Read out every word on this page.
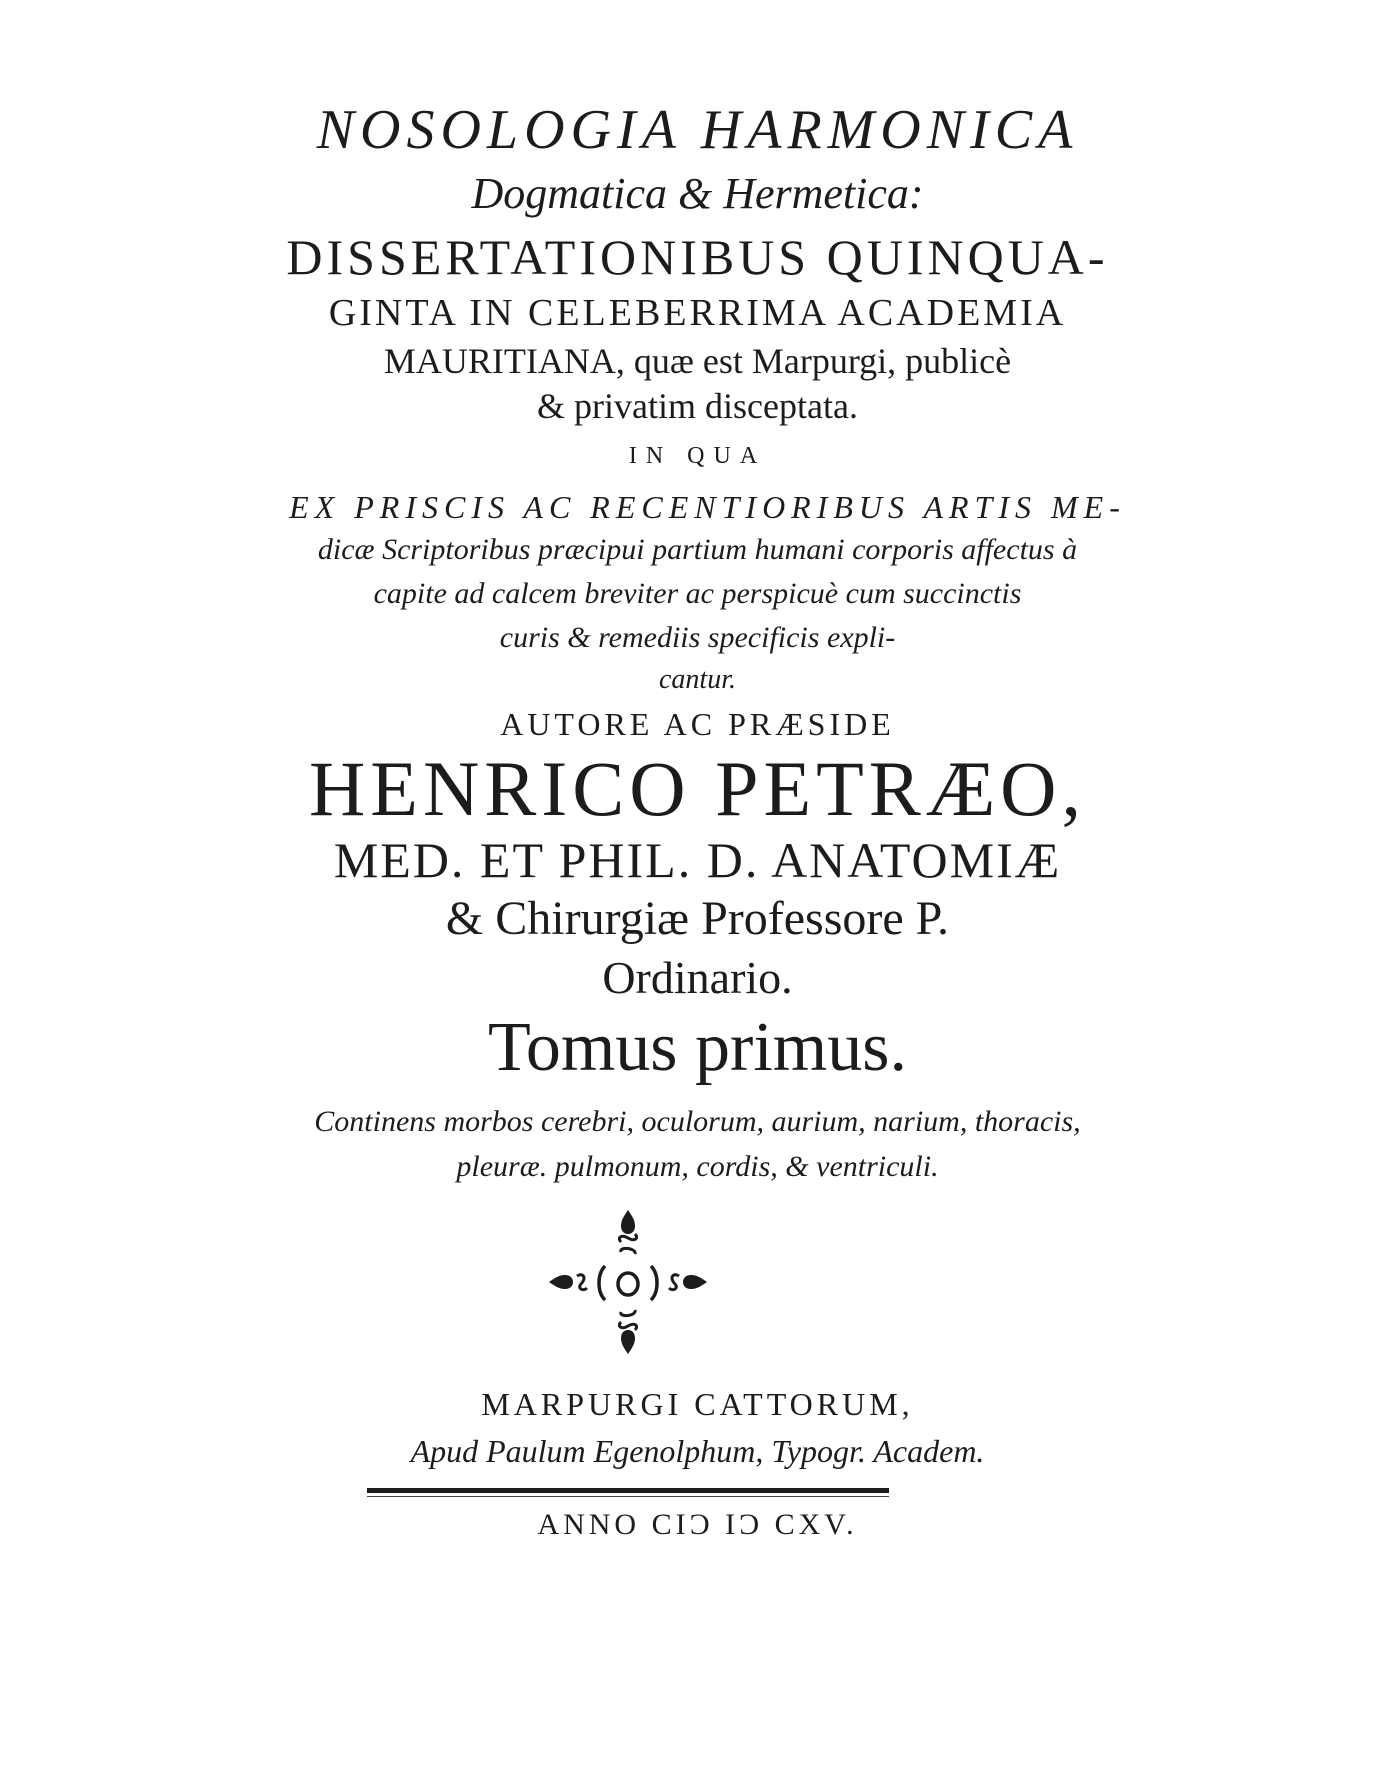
NOSOLOGIA HARMONICA
Dogmatica & Hermetica:
DISSERTATIONIBUS QUINQUA-
GINTA IN CELEBERRIMA ACADEMIA
MAURITIANA, quæ est Marpurgi, publicè
& privatim disceptata.
IN QUA
EX PRISCIS AC RECENTIORIBUS ARTIS ME-
dicæ Scriptoribus præcipui partium humani corporis affectus à
capite ad calcem breviter ac perspicuè cum succinctis
curis & remediis specificis expli-
cantur.
AUTORE AC PRÆSIDE
HENRICO PETRÆO,
MED. ET PHIL. D. ANATOMIÆ
& Chirurgiæ Professore P.
Ordinario.
Tomus primus.
Continens morbos cerebri, oculorum, aurium, narium, thoracis,
pleuræ. pulmonum, cordis, & ventriculi.
MARPURGI CATTORUM,
Apud Paulum Egenolphum, Typogr. Academ.
ANNO CIƆ IƆ CXV.
